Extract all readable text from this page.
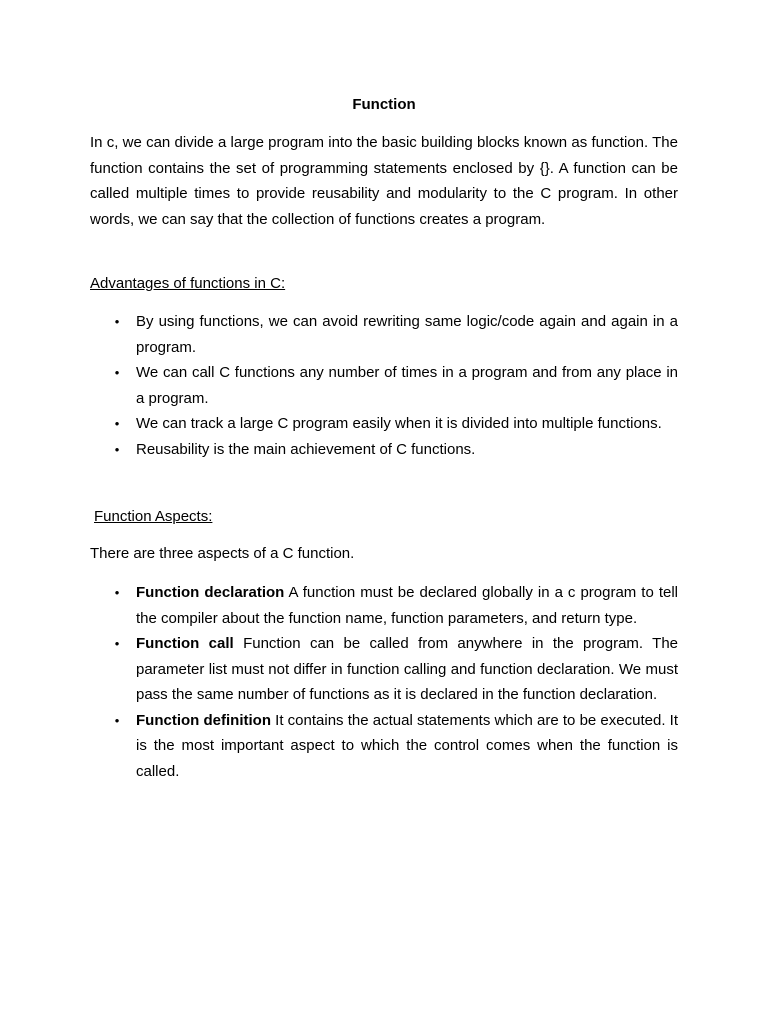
Function

In c, we can divide a large program into the basic building blocks known as function. The function contains the set of programming statements enclosed by {}. A function can be called multiple times to provide reusability and modularity to the C program. In other words, we can say that the collection of functions creates a program.

Advantages of functions in C:
• By using functions, we can avoid rewriting same logic/code again and again in a program.
• We can call C functions any number of times in a program and from any place in a program.
• We can track a large C program easily when it is divided into multiple functions.
• Reusability is the main achievement of C functions.
Function Aspects:

There are three aspects of a C function.

• Function declaration A function must be declared globally in a c program to tell the compiler about the function name, function parameters, and return type.
• Function call Function can be called from anywhere in the program. The parameter list must not differ in function calling and function declaration. We must pass the same number of functions as it is declared in the function declaration.
• Function definition It contains the actual statements which are to be executed. It is the most important aspect to which the control comes when the function is called.
